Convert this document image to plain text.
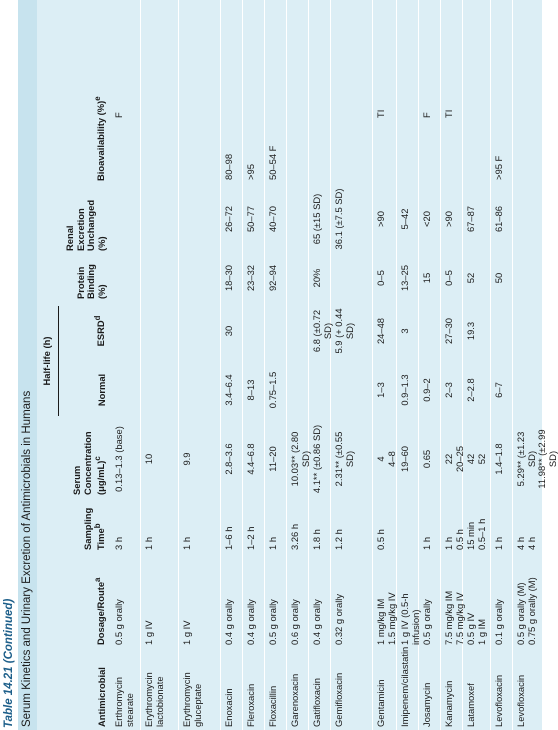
Table 14.21 (Continued) Serum Kinetics and Urinary Excretion of Antimicrobials in Humans
Half-life (h)
Antimicrobial
Dosage/Route$^a$
Sampling Time$^b$
Serum Concentration $(\mu g/mL)^c$
Normal
ESRD$^d$
Protein Binding (%)
Renal Excretion Unchanged (%)
Bioavailability (%)$^e$
Erthromycin stearate
0.5 g orally
3 h
0.13–1.3 (base)
F
Erythromycin lactobionate
1 g IV
1 h
10
Erythromycin gluceptate
1 g IV
1 h
9.9
Enoxacin
0.4 g orally
1–6 h
2.8–3.6
3.4–6.4
30
18–30
26–72
80–98
Fleroxacin
0.4 g orally
1–2 h
4.4–6.8
8–13
23–32
50–77
>95
Floxacillin
0.5 g orally
1 h
11–20
0.75–1.5
92–94
40–70
50–54 F
Garenoxacin
0.6 g orally
3.26 h
10.03** (2.80 SD)
Gatifloxacin
0.4 g orally
1.8 h
4.1** (±0.86 SD)
6.8 (±0.72 SD)
20%
65 (±15 SD)
Gemifloxacin
0.32 g orally
1.2 h
2.31** (±0.55 SD)
5.9 (+ 0.44 SD)
36.1 (±7.5 SD)
Gentamicin
1 mg/kg IM
1.5 mg/kg IV
0.5 h
4
4–8
1–3
24–48
0–5
>90
TI
Imipenem/cilastatin
1 g IV (0.5-h infusion)
19–60
0.9–1.3
3
13–25
5–42
Josamycin
0.5 g orally
1 h
0.65
0.9–2
15
<20
F
Kanamycin
7.5 mg/kg IM
7.5 mg/kg IV
1 h
0.5 h
22
20–25
2–3
27–30
0–5
>90
TI
Latamoxef
0.5 g IV
1 g IM
15 min
0.5–1 h
42
52
2–2.8
19.3
52
67–87
Levofloxacin
0.1 g orally
1 h
1.4–1.8
6–7
50
61–86
>95 F
Levofloxacin
0.5 g orally (M)
0.75 g orally (M)
4 h
4 h
5.29** (±1.23 SD)
11.98** (±2.99 SD)
